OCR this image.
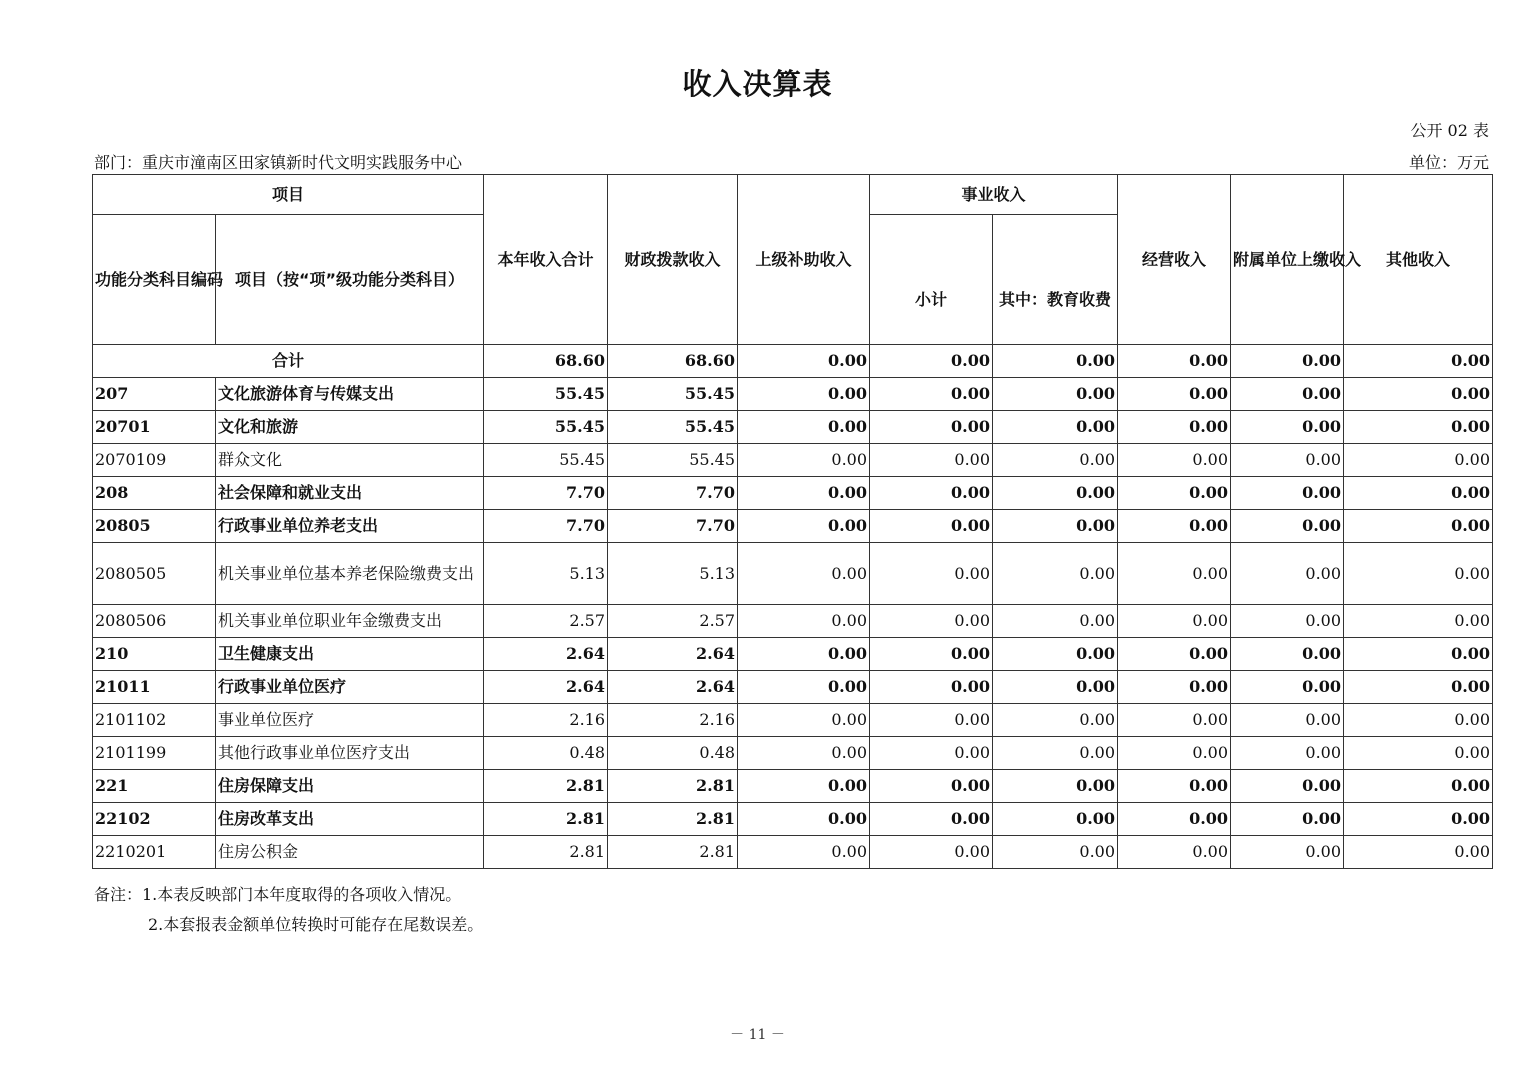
收入决算表
公开 02 表
部门：重庆市潼南区田家镇新时代文明实践服务中心	单位：万元
项目		本年收入合计	财政拨款收入	上级补助收入	事业收入		经营收入	附属单位上缴收入	其他收入
功能分类科目编码	项目（按“项”级功能分类科目）				小计	其中：教育收费			
合计		68.60	68.60	0.00	0.00	0.00	0.00	0.00	0.00
207	文化旅游体育与传媒支出	55.45	55.45	0.00	0.00	0.00	0.00	0.00	0.00
20701	文化和旅游	55.45	55.45	0.00	0.00	0.00	0.00	0.00	0.00
2070109	群众文化	55.45	55.45	0.00	0.00	0.00	0.00	0.00	0.00
208	社会保障和就业支出	7.70	7.70	0.00	0.00	0.00	0.00	0.00	0.00
20805	行政事业单位养老支出	7.70	7.70	0.00	0.00	0.00	0.00	0.00	0.00
2080505	机关事业单位基本养老保险缴费支出	5.13	5.13	0.00	0.00	0.00	0.00	0.00	0.00
2080506	机关事业单位职业年金缴费支出	2.57	2.57	0.00	0.00	0.00	0.00	0.00	0.00
210	卫生健康支出	2.64	2.64	0.00	0.00	0.00	0.00	0.00	0.00
21011	行政事业单位医疗	2.64	2.64	0.00	0.00	0.00	0.00	0.00	0.00
2101102	事业单位医疗	2.16	2.16	0.00	0.00	0.00	0.00	0.00	0.00
2101199	其他行政事业单位医疗支出	0.48	0.48	0.00	0.00	0.00	0.00	0.00	0.00
221	住房保障支出	2.81	2.81	0.00	0.00	0.00	0.00	0.00	0.00
22102	住房改革支出	2.81	2.81	0.00	0.00	0.00	0.00	0.00	0.00
2210201	住房公积金	2.81	2.81	0.00	0.00	0.00	0.00	0.00	0.00
备注：1.本表反映部门本年度取得的各项收入情况。
2.本套报表金额单位转换时可能存在尾数误差。
－ 11 －
